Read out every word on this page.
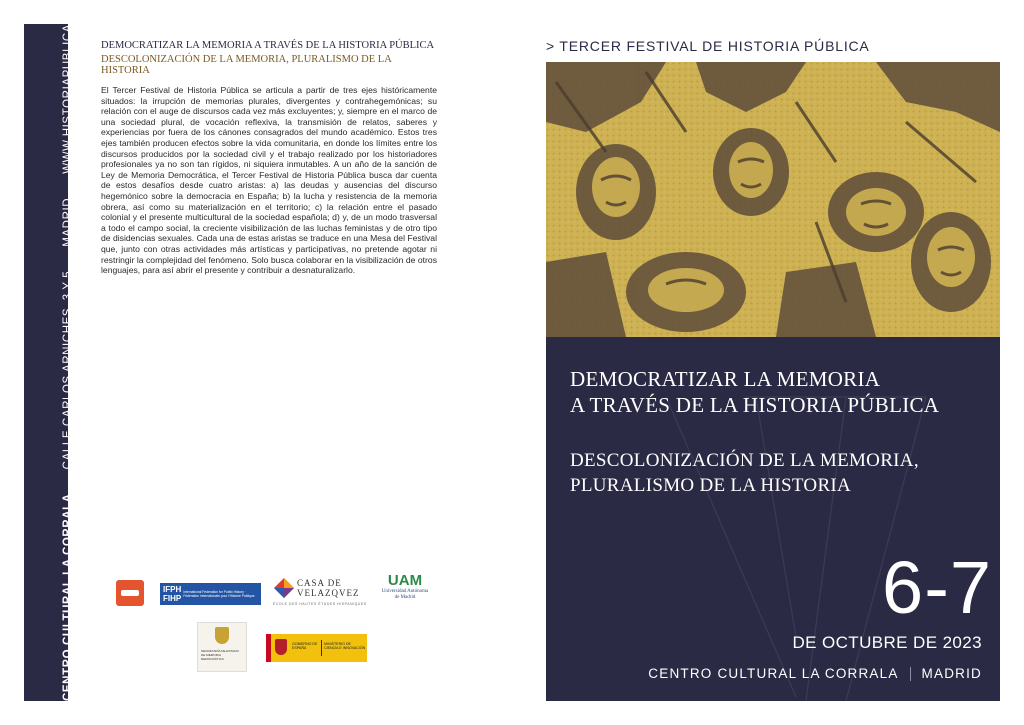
CENTRO CULTURAL LA CORRALA
CALLE CARLOS ARNICHES, 3 Y 5
MADRID
WWW.HISTORIAPUBLICA.ES	DEMOCRATIZAR LA MEMORIA A TRAVÉS DE LA HISTORIA PÚBLICA
DESCOLONIZACIÓN DE LA MEMORIA, PLURALISMO DE LA HISTORIA
El Tercer Festival de Historia Pública se articula a partir de tres ejes históricamente situados: la irrupción de memorias plurales, divergentes y contrahegemónicas; su relación con el auge de discursos cada vez más excluyentes; y, siempre en el marco de una sociedad plural, de vocación reflexiva, la transmisión de relatos, saberes y experiencias por fuera de los cánones consagrados del mundo académico. Estos tres ejes también producen efectos sobre la vida comunitaria, en donde los límites entre los discursos producidos por la sociedad civil y el trabajo realizado por los historiadores profesionales ya no son tan rígidos, ni siquiera inmutables. A un año de la sanción de Ley de Memoria Democrática, el Tercer Festival de Historia Pública busca dar cuenta de estos desafíos desde cuatro aristas: a) las deudas y ausencias del discurso hegemónico sobre la democracia en España; b) la lucha y resistencia de la memoria obrera, así como su materialización en el territorio; c) la relación entre el pasado colonial y el presente multicultural de la sociedad española; d) y, de un modo trasversal a todo el campo social, la creciente visibilización de las luchas feministas y de otro tipo de disidencias sexuales. Cada una de estas aristas se traduce en una Mesa del Festival que, junto con otras actividades más artísticas y participativas, no pretende agotar ni restringir la complejidad del fenómeno. Solo busca colaborar en la visibilización de otros lenguajes, para así abrir el presente y contribuir a desnaturalizarlo.
IFPH
FIHP
International Federation for Public History · Fédération Internationale pour l'Histoire Publique
CASA DE
VELAZQVEZ
ÉCOLE DES HAUTES ÉTUDES HISPANIQUES
UAM
Universidad Autónoma
de Madrid
SECRETARÍA DE ESTADO DE MEMORIA DEMOCRÁTICA
GOBIERNO DE ESPAÑA
MINISTERIO DE CIENCIA E INNOVACIÓN
> TERCER FESTIVAL DE HISTORIA PÚBLICA
DEMOCRATIZAR LA MEMORIA
A TRAVÉS DE LA HISTORIA PÚBLICA
DESCOLONIZACIÓN DE LA MEMORIA,
PLURALISMO DE LA HISTORIA
6-7
DE OCTUBRE DE 2023
CENTRO CULTURAL LA CORRALA MADRID
